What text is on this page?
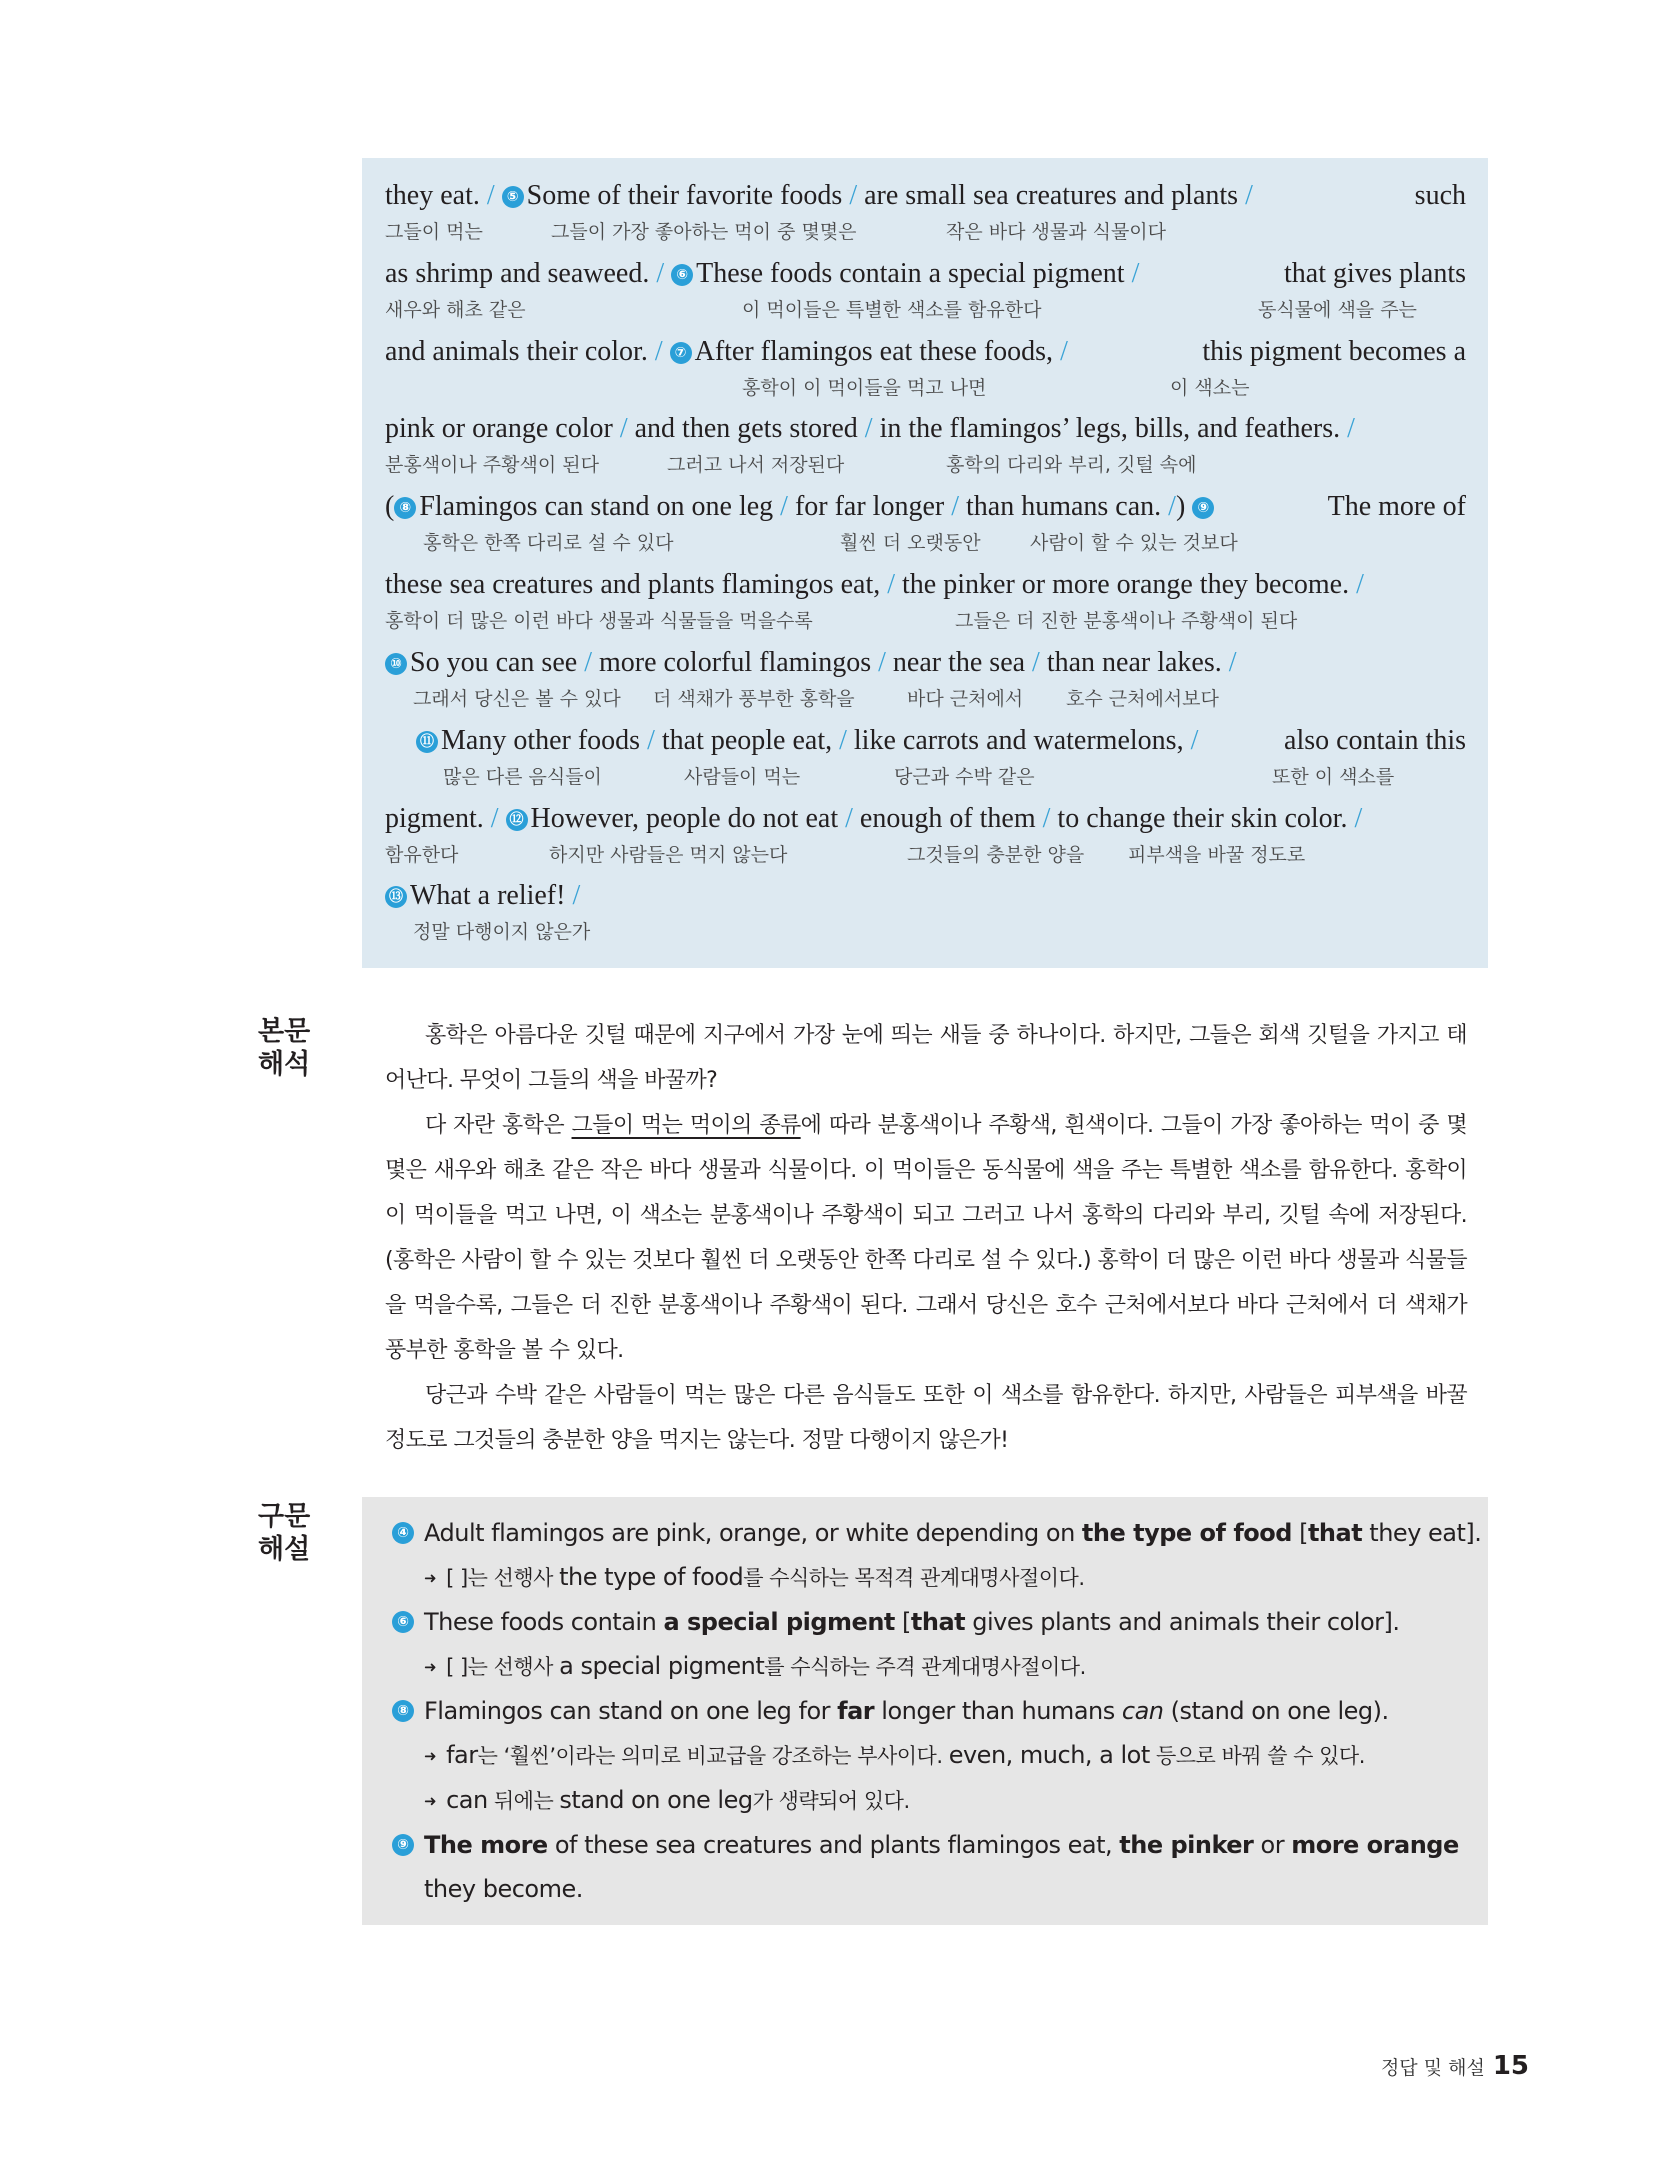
they eat. / ⑤ Some of their favorite foods / are small sea creatures and plants /	such
그들이 먹는	그들이 가장 좋아하는 먹이 중 몇몇은	작은 바다 생물과 식물이다
as shrimp and seaweed. / ⑥ These foods contain a special pigment /	that gives plants
새우와 해초 같은	이 먹이들은 특별한 색소를 함유한다	동식물에 색을 주는
and animals their color. / ⑦ After flamingos eat these foods, /	this pigment becomes a
홍학이 이 먹이들을 먹고 나면	이 색소는
pink or orange color / and then gets stored / in the flamingos’ legs, bills, and feathers. /
분홍색이나 주황색이 된다	그러고 나서 저장된다	홍학의 다리와 부리, 깃털 속에
( ⑧ Flamingos can stand on one leg / for far longer / than humans can. /) ⑨	The more of
홍학은 한쪽 다리로 설 수 있다	훨씬 더 오랫동안	사람이 할 수 있는 것보다
these sea creatures and plants flamingos eat, / the pinker or more orange they become. /
홍학이 더 많은 이런 바다 생물과 식물들을 먹을수록	그들은 더 진한 분홍색이나 주황색이 된다
⑩ So you can see / more colorful flamingos / near the sea / than near lakes. /
그래서 당신은 볼 수 있다 더 색채가 풍부한 홍학을	바다 근처에서 호수 근처에서보다
⑪ Many other foods / that people eat, / like carrots and watermelons, /	also contain this
많은 다른 음식들이	사람들이 먹는	당근과 수박 같은	또한 이 색소를
pigment. / ⑫ However, people do not eat / enough of them / to change their skin color. /
함유한다	하지만 사람들은 먹지 않는다	그것들의 충분한 양을 피부색을 바꿀 정도로
⑬ What a relief! /
정말 다행이지 않은가
본문
해석

홍학은 아름다운 깃털 때문에 지구에서 가장 눈에 띄는 새들 중 하나이다. 하지만, 그들은 회색 깃털을 가지고 태어난다. 무엇이 그들의 색을 바꿀까?

다 자란 홍학은 그들이 먹는 먹이의 종류에 따라 분홍색이나 주황색, 흰색이다. 그들이 가장 좋아하는 먹이 중 몇몇은 새우와 해초 같은 작은 바다 생물과 식물이다. 이 먹이들은 동식물에 색을 주는 특별한 색소를 함유한다. 홍학이 이 먹이들을 먹고 나면, 이 색소는 분홍색이나 주황색이 되고 그러고 나서 홍학의 다리와 부리, 깃털 속에 저장된다. (홍학은 사람이 할 수 있는 것보다 훨씬 더 오랫동안 한쪽 다리로 설 수 있다.) 홍학이 더 많은 이런 바다 생물과 식물들을 먹을수록, 그들은 더 진한 분홍색이나 주황색이 된다. 그래서 당신은 호수 근처에서보다 바다 근처에서 더 색채가 풍부한 홍학을 볼 수 있다.

당근과 수박 같은 사람들이 먹는 많은 다른 음식들도 또한 이 색소를 함유한다. 하지만, 사람들은 피부색을 바꿀 정도로 그것들의 충분한 양을 먹지는 않는다. 정말 다행이지 않은가!

구문
해설
④ Adult flamingos are pink, orange, or white depending on the type of food [that they eat].
➜ [ ]는 선행사 the type of food를 수식하는 목적격 관계대명사절이다.
⑥ These foods contain a special pigment [that gives plants and animals their color].
➜ [ ]는 선행사 a special pigment를 수식하는 주격 관계대명사절이다.
⑧ Flamingos can stand on one leg for far longer than humans can (stand on one leg).
➜ far는 ‘훨씬’이라는 의미로 비교급을 강조하는 부사이다. even, much, a lot 등으로 바꿔 쓸 수 있다.
➜ can 뒤에는 stand on one leg가 생략되어 있다.
⑨ The more of these sea creatures and plants flamingos eat, the pinker or more orange
they become.
정답 및 해설 15
